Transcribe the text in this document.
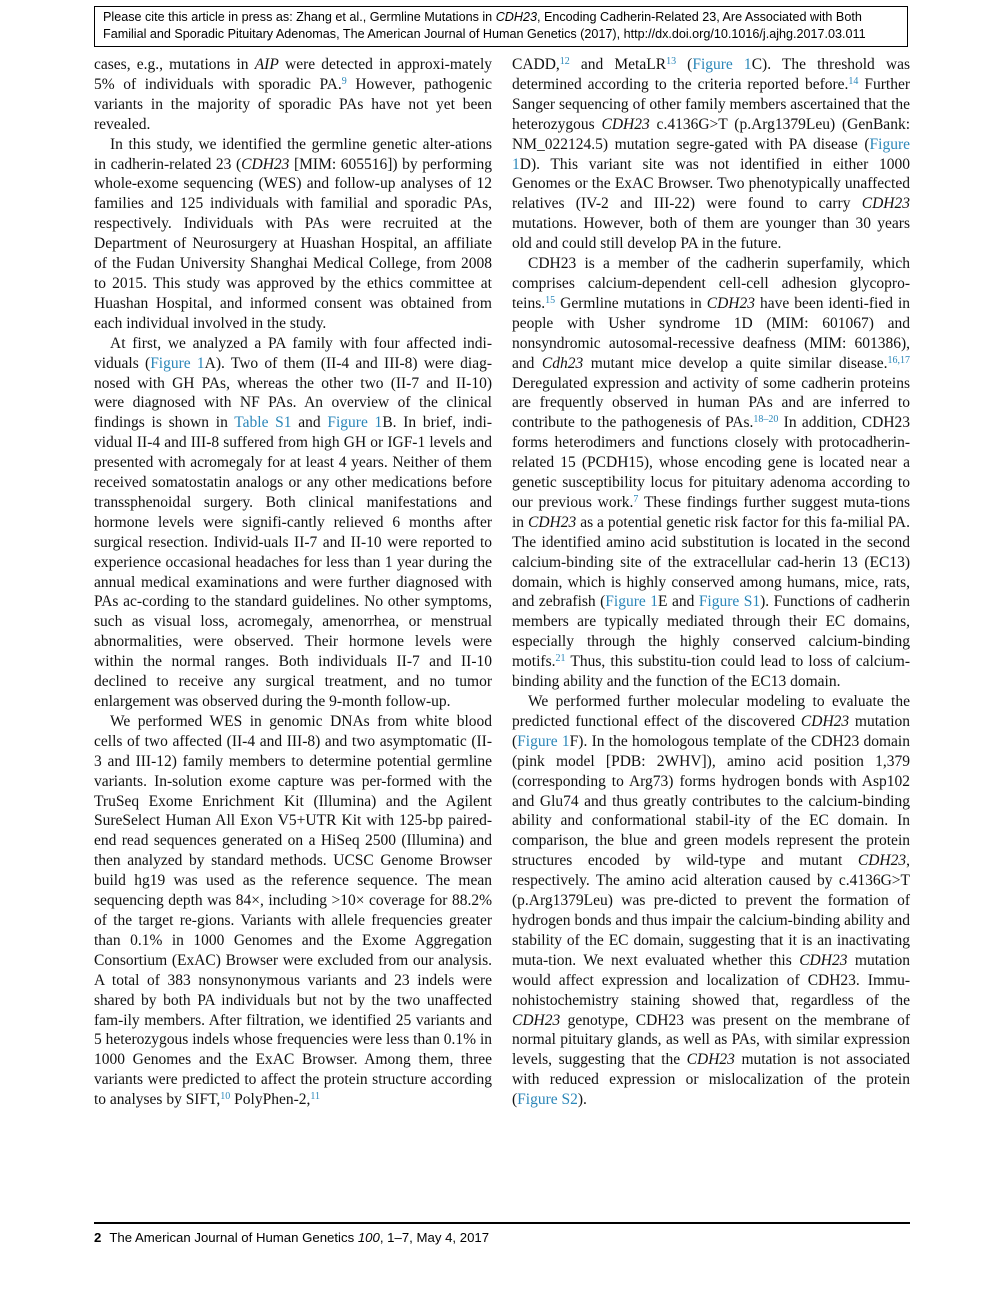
Please cite this article in press as: Zhang et al., Germline Mutations in CDH23, Encoding Cadherin-Related 23, Are Associated with Both
Familial and Sporadic Pituitary Adenomas, The American Journal of Human Genetics (2017), http://dx.doi.org/10.1016/j.ajhg.2017.03.011

cases, e.g., mutations in AIP were detected in approxi-mately 5% of individuals with sporadic PA.$^9$ However, pathogenic variants in the majority of sporadic PAs have not yet been revealed.

In this study, we identified the germline genetic alter-ations in cadherin-related 23 (CDH23 [MIM: 605516]) by performing whole-exome sequencing (WES) and follow-up analyses of 12 families and 125 individuals with familial and sporadic PAs, respectively. Individuals with PAs were recruited at the Department of Neurosurgery at Huashan Hospital, an affiliate of the Fudan University Shanghai Medical College, from 2008 to 2015. This study was approved by the ethics committee at Huashan Hospital, and informed consent was obtained from each individual involved in the study.

At first, we analyzed a PA family with four affected indi-viduals (Figure 1A). Two of them (II-4 and III-8) were diag-nosed with GH PAs, whereas the other two (II-7 and II-10) were diagnosed with NF PAs. An overview of the clinical findings is shown in Table S1 and Figure 1B. In brief, indi-vidual II-4 and III-8 suffered from high GH or IGF-1 levels and presented with acromegaly for at least 4 years. Neither of them received somatostatin analogs or any other medications before transsphenoidal surgery. Both clinical manifestations and hormone levels were signifi-cantly relieved 6 months after surgical resection. Individ-uals II-7 and II-10 were reported to experience occasional headaches for less than 1 year during the annual medical examinations and were further diagnosed with PAs ac-cording to the standard guidelines. No other symptoms, such as visual loss, acromegaly, amenorrhea, or menstrual abnormalities, were observed. Their hormone levels were within the normal ranges. Both individuals II-7 and II-10 declined to receive any surgical treatment, and no tumor enlargement was observed during the 9-month follow-up.

We performed WES in genomic DNAs from white blood cells of two affected (II-4 and III-8) and two asymptomatic (II-3 and III-12) family members to determine potential germline variants. In-solution exome capture was per-formed with the TruSeq Exome Enrichment Kit (Illumina) and the Agilent SureSelect Human All Exon V5+UTR Kit with 125-bp paired-end read sequences generated on a HiSeq 2500 (Illumina) and then analyzed by standard methods. UCSC Genome Browser build hg19 was used as the reference sequence. The mean sequencing depth was 84×, including >10× coverage for 88.2% of the target re-gions. Variants with allele frequencies greater than 0.1% in 1000 Genomes and the Exome Aggregation Consortium (ExAC) Browser were excluded from our analysis. A total of 383 nonsynonymous variants and 23 indels were shared by both PA individuals but not by the two unaffected fam-ily members. After filtration, we identified 25 variants and 5 heterozygous indels whose frequencies were less than 0.1% in 1000 Genomes and the ExAC Browser. Among them, three variants were predicted to affect the protein structure according to analyses by SIFT,$^{10}$ PolyPhen-2,11

CADD,$^{12}$ and MetaLR$^{13}$ (Figure 1C). The threshold was determined according to the criteria reported before.$^{14}$ Further Sanger sequencing of other family members ascertained that the heterozygous CDH23 c.4136G>T (p.Arg1379Leu) (GenBank: NM_022124.5) mutation segre-gated with PA disease (Figure 1D). This variant site was not identified in either 1000 Genomes or the ExAC Browser. Two phenotypically unaffected relatives (IV-2 and III-22) were found to carry CDH23 mutations. However, both of them are younger than 30 years old and could still develop PA in the future.

CDH23 is a member of the cadherin superfamily, which comprises calcium-dependent cell-cell adhesion glycopro-teins.$^{15}$ Germline mutations in CDH23 have been identi-fied in people with Usher syndrome 1D (MIM: 601067) and nonsyndromic autosomal-recessive deafness (MIM: 601386), and Cdh23 mutant mice develop a quite similar disease.$^{16,17}$ Deregulated expression and activity of some cadherin proteins are frequently observed in human PAs and are inferred to contribute to the pathogenesis of PAs.$^{18-20}$ In addition, CDH23 forms heterodimers and functions closely with protocadherin-related 15 (PCDH15), whose encoding gene is located near a genetic susceptibility locus for pituitary adenoma according to our previous work.$^7$ These findings further suggest muta-tions in CDH23 as a potential genetic risk factor for this fa-milial PA. The identified amino acid substitution is located in the second calcium-binding site of the extracellular cad-herin 13 (EC13) domain, which is highly conserved among humans, mice, rats, and zebrafish (Figure 1E and Figure S1). Functions of cadherin members are typically mediated through their EC domains, especially through the highly conserved calcium-binding motifs.$^{21}$ Thus, this substitu-tion could lead to loss of calcium-binding ability and the function of the EC13 domain.

We performed further molecular modeling to evaluate the predicted functional effect of the discovered CDH23 mutation (Figure 1F). In the homologous template of the CDH23 domain (pink model [PDB: 2WHV]), amino acid position 1,379 (corresponding to Arg73) forms hydrogen bonds with Asp102 and Glu74 and thus greatly contributes to the calcium-binding ability and conformational stabil-ity of the EC domain. In comparison, the blue and green models represent the protein structures encoded by wild-type and mutant CDH23, respectively. The amino acid alteration caused by c.4136G>T (p.Arg1379Leu) was pre-dicted to prevent the formation of hydrogen bonds and thus impair the calcium-binding ability and stability of the EC domain, suggesting that it is an inactivating muta-tion. We next evaluated whether this CDH23 mutation would affect expression and localization of CDH23. Immu-nohistochemistry staining showed that, regardless of the CDH23 genotype, CDH23 was present on the membrane of normal pituitary glands, as well as PAs, with similar expression levels, suggesting that the CDH23 mutation is not associated with reduced expression or mislocalization of the protein (Figure S2).

2 The American Journal of Human Genetics 100, 1–7, May 4, 2017
